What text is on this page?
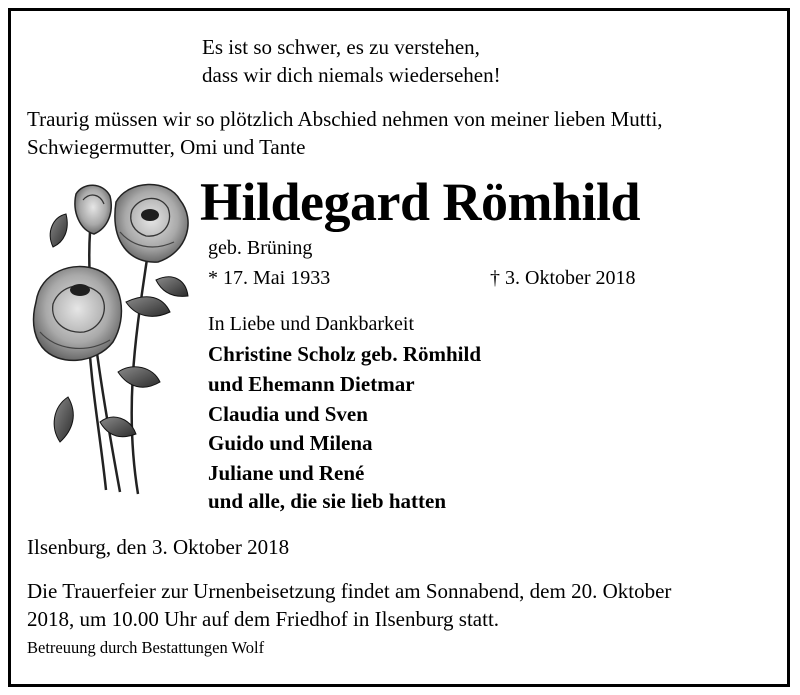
Es ist so schwer, es zu verstehen,
dass wir dich niemals wiedersehen!
Traurig müssen wir so plötzlich Abschied nehmen von meiner lieben Mutti,
Schwiegermutter, Omi und Tante
Hildegard Römhild
geb. Brüning
* 17. Mai 1933	† 3. Oktober 2018
In Liebe und Dankbarkeit
Christine Scholz geb. Römhild
und Ehemann Dietmar
Claudia und Sven
Guido und Milena
Juliane und René
und alle, die sie lieb hatten
Ilsenburg, den 3. Oktober 2018
Die Trauerfeier zur Urnenbeisetzung findet am Sonnabend, dem 20. Oktober
2018, um 10.00 Uhr auf dem Friedhof in Ilsenburg statt.
Betreuung durch Bestattungen Wolf
